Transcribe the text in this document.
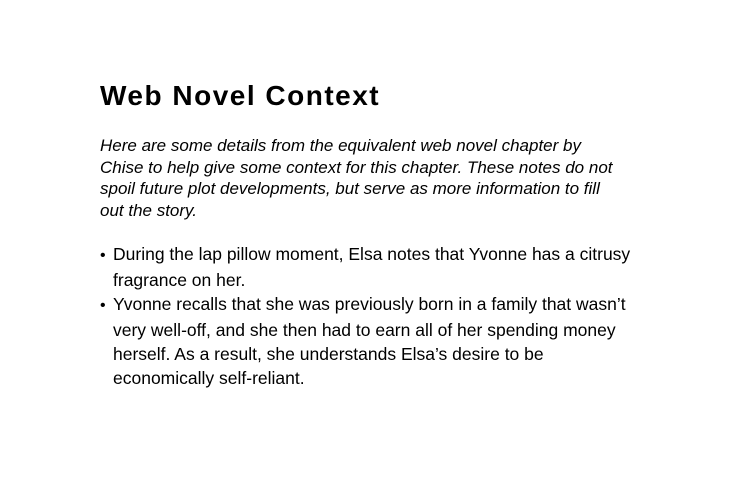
Web Novel Context

Here are some details from the equivalent web novel chapter by Chise to help give some context for this chapter. These notes do not spoil future plot developments, but serve as more information to fill out the story.

• During the lap pillow moment, Elsa notes that Yvonne has a citrusy fragrance on her.
• Yvonne recalls that she was previously born in a family that wasn’t very well-off, and she then had to earn all of her spending money herself. As a result, she understands Elsa’s desire to be economically self-reliant.
